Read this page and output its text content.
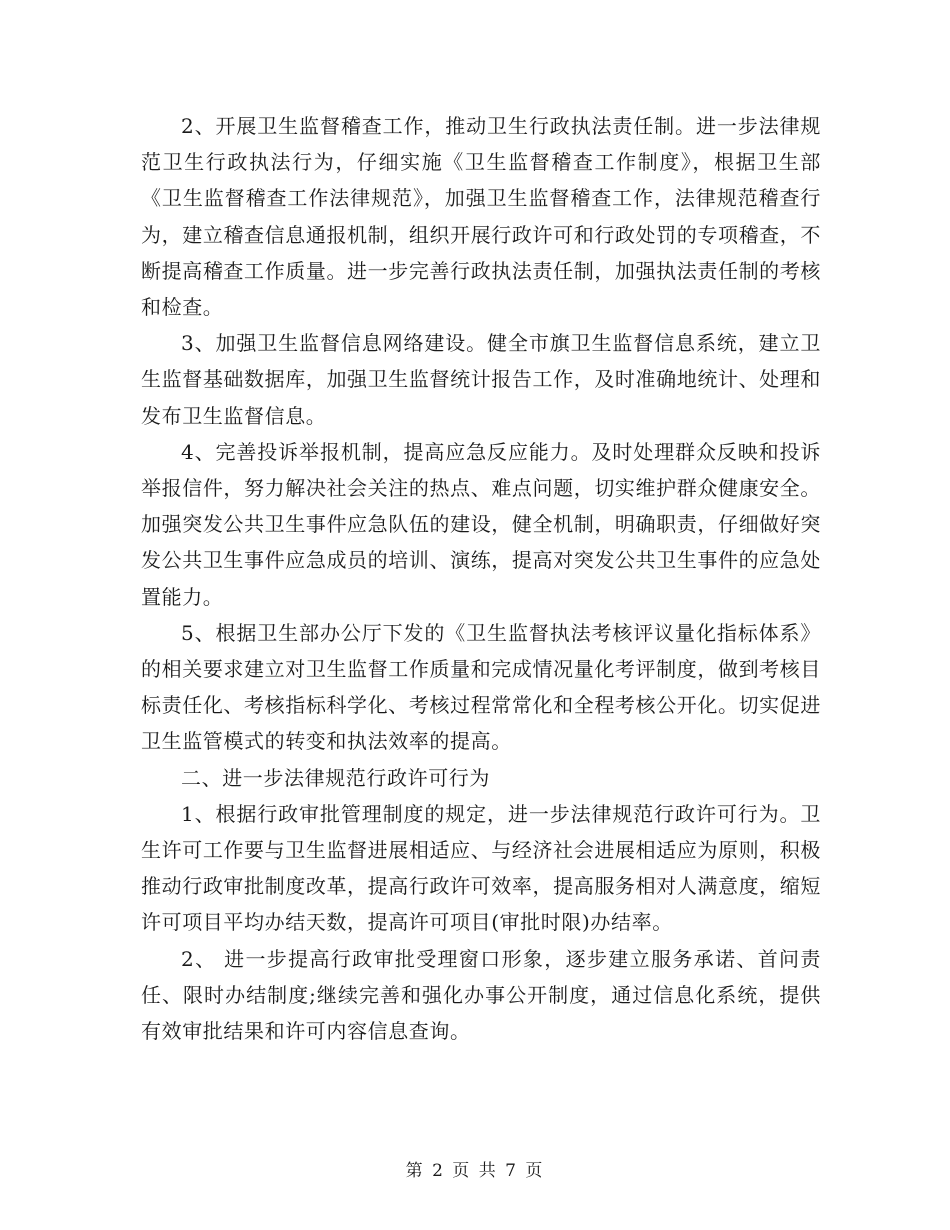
2、开展卫生监督稽查工作，推动卫生行政执法责任制。进一步法律规范卫生行政执法行为，仔细实施《卫生监督稽查工作制度》，根据卫生部《卫生监督稽查工作法律规范》，加强卫生监督稽查工作，法律规范稽查行为，建立稽查信息通报机制，组织开展行政许可和行政处罚的专项稽查，不断提高稽查工作质量。进一步完善行政执法责任制，加强执法责任制的考核和检查。

3、加强卫生监督信息网络建设。健全市旗卫生监督信息系统，建立卫生监督基础数据库，加强卫生监督统计报告工作，及时准确地统计、处理和发布卫生监督信息。

4、完善投诉举报机制，提高应急反应能力。及时处理群众反映和投诉举报信件，努力解决社会关注的热点、难点问题，切实维护群众健康安全。加强突发公共卫生事件应急队伍的建设，健全机制，明确职责，仔细做好突发公共卫生事件应急成员的培训、演练，提高对突发公共卫生事件的应急处置能力。

5、根据卫生部办公厅下发的《卫生监督执法考核评议量化指标体系》的相关要求建立对卫生监督工作质量和完成情况量化考评制度，做到考核目标责任化、考核指标科学化、考核过程常常化和全程考核公开化。切实促进卫生监管模式的转变和执法效率的提高。

二、进一步法律规范行政许可行为

1、根据行政审批管理制度的规定，进一步法律规范行政许可行为。卫生许可工作要与卫生监督进展相适应、与经济社会进展相适应为原则，积极推动行政审批制度改革，提高行政许可效率，提高服务相对人满意度，缩短许可项目平均办结天数，提高许可项目(审批时限)办结率。

2、 进一步提高行政审批受理窗口形象，逐步建立服务承诺、首问责任、限时办结制度;继续完善和强化办事公开制度，通过信息化系统，提供有效审批结果和许可内容信息查询。

第 2 页 共 7 页
